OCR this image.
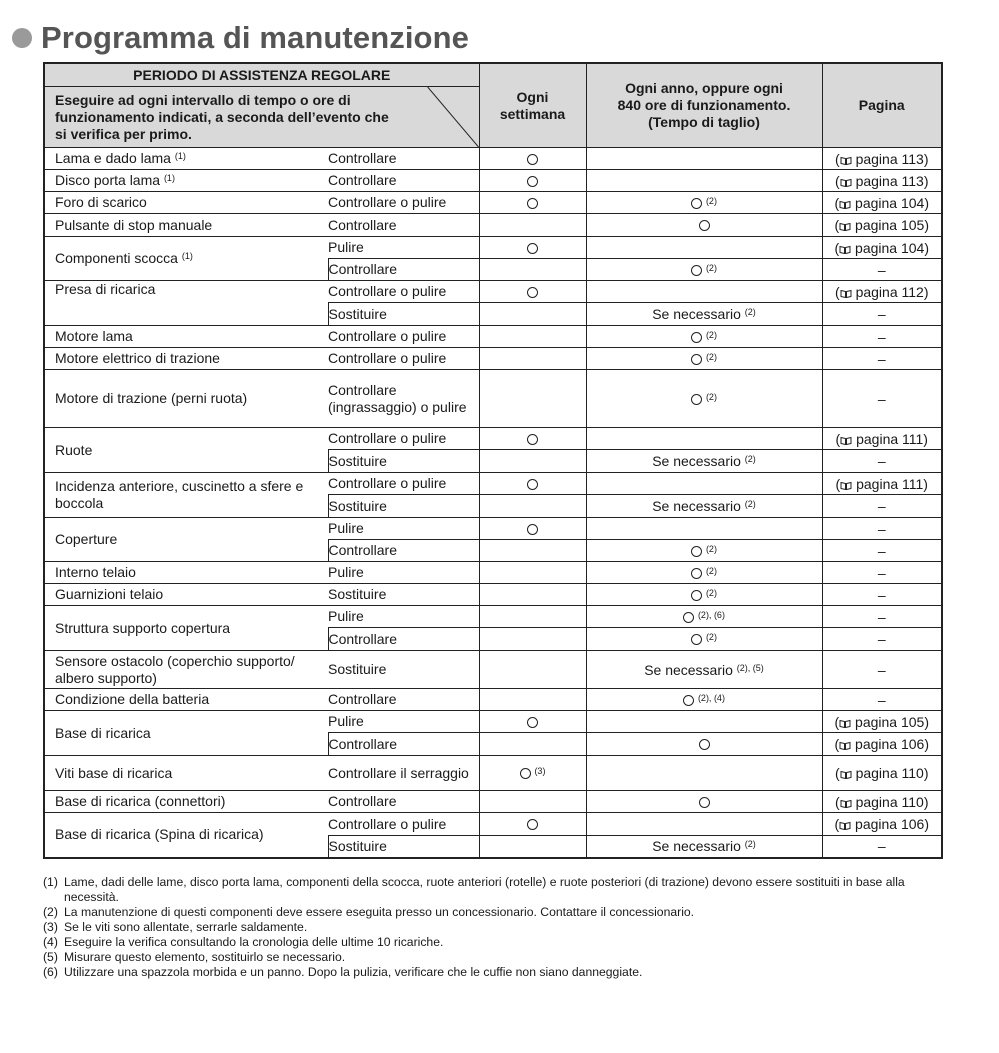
Programma di manutenzione
PERIODO DI ASSISTENZA REGOLARE		Ogni settimana	Ogni anno, oppure ogni
840 ore di funzionamento.
(Tempo di taglio)	Pagina

Eseguire ad ogni intervallo di tempo o ore di funzionamento indicati, a seconda dell’evento che si verifica per primo.				

Lama e dado lama $^{(1)}$	Controllare			( pagina 113)
Disco porta lama $^{(1)}$	Controllare			( pagina 113)
Foro di scarico	Controllare o pulire		$^{(2)}$	( pagina 104)
Pulsante di stop manuale	Controllare			( pagina 105)
Componenti scocca $^{(1)}$	Pulire			( pagina 104)
	Controllare		$^{(2)}$	–
Presa di ricarica	Controllare o pulire			( pagina 112)
	Sostituire		Se necessario $^{(2)}$	–
Motore lama	Controllare o pulire		$^{(2)}$	–
Motore elettrico di trazione	Controllare o pulire		$^{(2)}$	–
Motore di trazione (perni ruota)	Controllare (ingrassaggio) o pulire		$^{(2)}$	–
Ruote	Controllare o pulire			( pagina 111)
	Sostituire		Se necessario $^{(2)}$	–
Incidenza anteriore, cuscinetto a sfere e boccola	Controllare o pulire			( pagina 111)
	Sostituire		Se necessario $^{(2)}$	–
Coperture	Pulire			–
	Controllare		$^{(2)}$	–
Interno telaio	Pulire		$^{(2)}$	–
Guarnizioni telaio	Sostituire		$^{(2)}$	–
Struttura supporto copertura	Pulire		$^{(2), (6)}$	–
	Controllare		$^{(2)}$	–
Sensore ostacolo (coperchio supporto/ albero supporto)	Sostituire		Se necessario $^{(2), (5)}$	–
Condizione della batteria	Controllare		$^{(2), (4)}$	–
Base di ricarica	Pulire			( pagina 105)
	Controllare			( pagina 106)
Viti base di ricarica	Controllare il serraggio	$^{(3)}$		( pagina 110)
Base di ricarica (connettori)	Controllare			( pagina 110)
Base di ricarica (Spina di ricarica)	Controllare o pulire			( pagina 106)
	Sostituire		Se necessario $^{(2)}$	–
(1) Lame, dadi delle lame, disco porta lama, componenti della scocca, ruote anteriori (rotelle) e ruote posteriori (di trazione) devono essere sostituiti in base alla necessità.
(2) La manutenzione di questi componenti deve essere eseguita presso un concessionario. Contattare il concessionario.
(3) Se le viti sono allentate, serrarle saldamente.
(4) Eseguire la verifica consultando la cronologia delle ultime 10 ricariche.
(5) Misurare questo elemento, sostituirlo se necessario.
(6) Utilizzare una spazzola morbida e un panno. Dopo la pulizia, verificare che le cuffie non siano danneggiate.
